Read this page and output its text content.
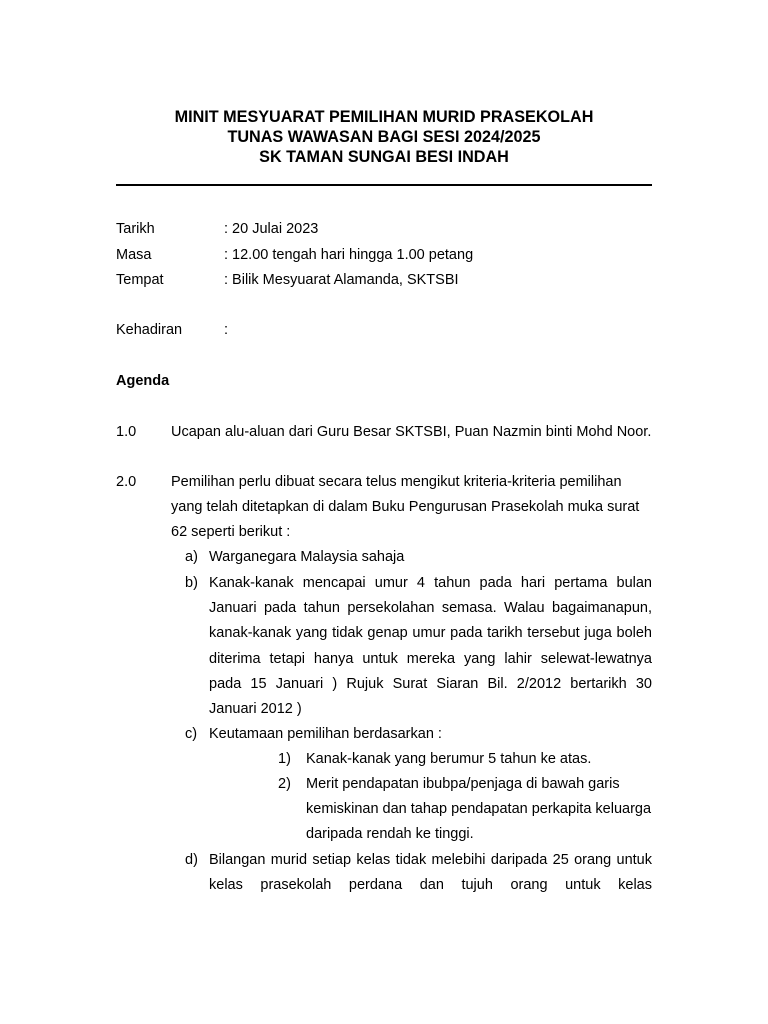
MINIT MESYUARAT PEMILIHAN MURID PRASEKOLAH
TUNAS WAWASAN BAGI SESI 2024/2025
SK TAMAN SUNGAI BESI INDAH
Tarikh	: 20 Julai 2023
Masa	: 12.00 tengah hari hingga 1.00 petang
Tempat	: Bilik Mesyuarat Alamanda, SKTSBI
Kehadiran	:
Agenda
1.0 Ucapan alu-aluan dari Guru Besar SKTSBI, Puan Nazmin binti Mohd Noor.
2.0 Pemilihan perlu dibuat secara telus mengikut kriteria-kriteria pemilihan yang telah ditetapkan di dalam Buku Pengurusan Prasekolah muka surat 62 seperti berikut :
a) Warganegara Malaysia sahaja
b) Kanak-kanak mencapai umur 4 tahun pada hari pertama bulan Januari pada tahun persekolahan semasa. Walau bagaimanapun, kanak-kanak yang tidak genap umur pada tarikh tersebut juga boleh diterima tetapi hanya untuk mereka yang lahir selewat-lewatnya pada 15 Januari ) Rujuk Surat Siaran Bil. 2/2012 bertarikh 30 Januari 2012 )
c) Keutamaan pemilihan berdasarkan :
1) Kanak-kanak yang berumur 5 tahun ke atas.
2) Merit pendapatan ibubpa/penjaga di bawah garis kemiskinan dan tahap pendapatan perkapita keluarga daripada rendah ke tinggi.
d) Bilangan murid setiap kelas tidak melebihi daripada 25 orang untuk kelas prasekolah perdana dan tujuh orang untuk kelas
